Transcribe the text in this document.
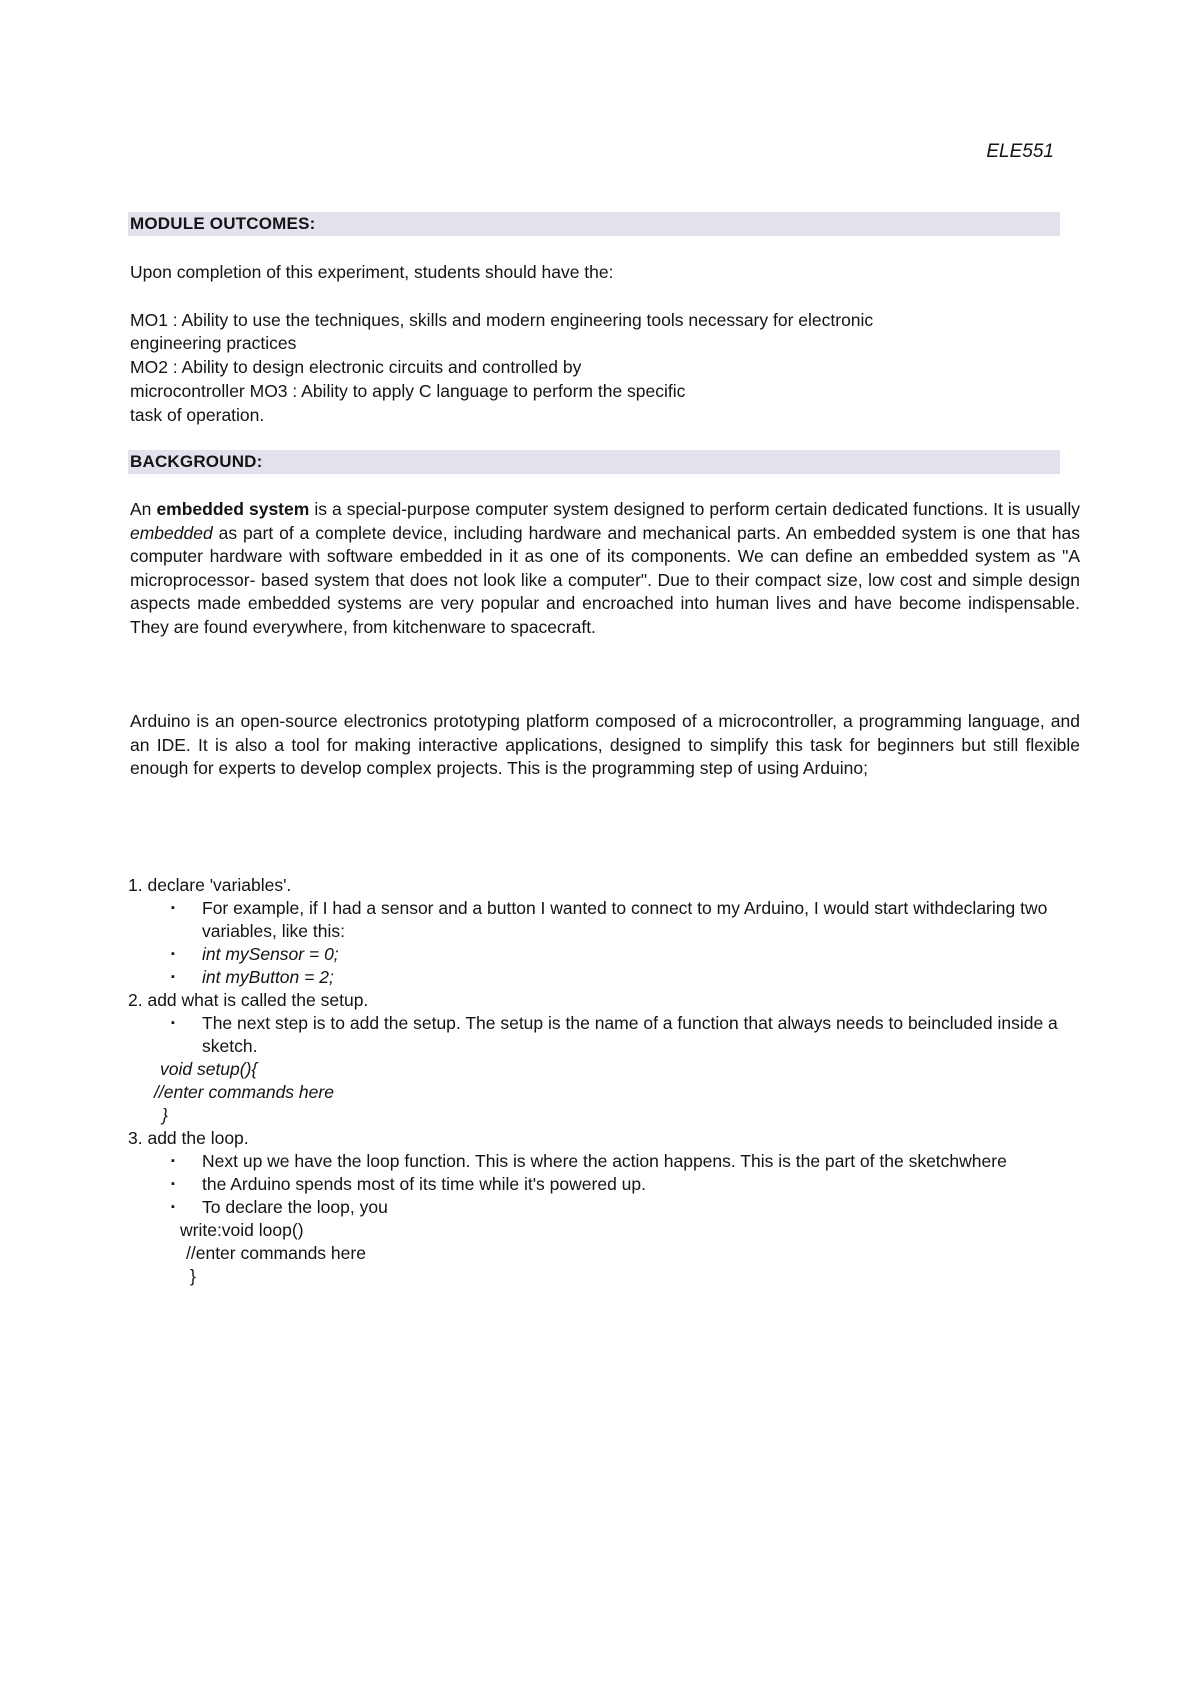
ELE551
MODULE OUTCOMES:
Upon completion of this experiment, students should have the:
MO1 : Ability to use the techniques, skills and modern engineering tools necessary for electronic
engineering practices
MO2 : Ability to design electronic circuits and controlled by
microcontroller MO3 : Ability to apply C language to perform the specific
task of operation.
BACKGROUND:
An embedded system is a special-purpose computer system designed to perform certain dedicated functions. It is usually embedded as part of a complete device, including hardware and mechanical parts. An embedded system is one that has computer hardware with software embedded in it as one of its components. We can define an embedded system as "A microprocessor- based system that does not look like a computer". Due to their compact size, low cost and simple design aspects made embedded systems are very popular and encroached into human lives and have become indispensable. They are found everywhere, from kitchenware to spacecraft.
Arduino is an open-source electronics prototyping platform composed of a microcontroller, a programming language, and an IDE. It is also a tool for making interactive applications, designed to simplify this task for beginners but still flexible enough for experts to develop complex projects. This is the programming step of using Arduino;
1. declare 'variables'.
▪ For example, if I had a sensor and a button I wanted to connect to my Arduino, I would start withdeclaring two variables, like this:
▪ int mySensor = 0;
▪ int myButton = 2;
2. add what is called the setup.
▪ The next step is to add the setup. The setup is the name of a function that always needs to beincluded inside a sketch.
void setup(){
//enter commands here
}
3. add the loop.
▪ Next up we have the loop function. This is where the action happens. This is the part of the sketchwhere
▪ the Arduino spends most of its time while it's powered up.
▪ To declare the loop, you
write:void loop()
//enter commands here
}
